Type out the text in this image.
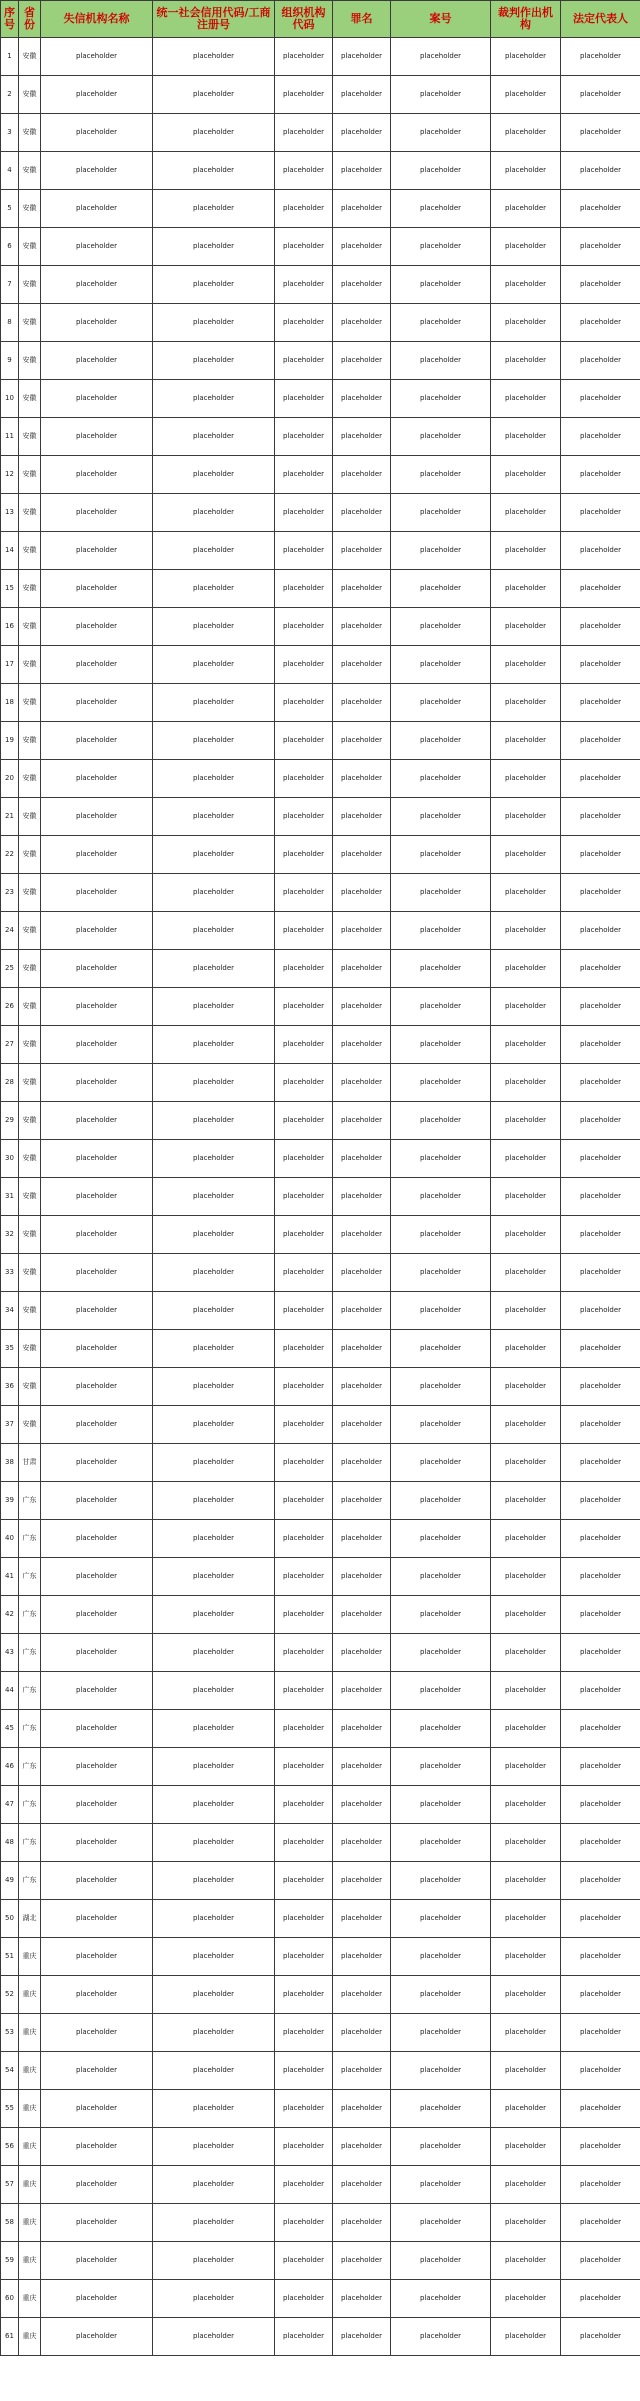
序号	省份	失信机构名称	统一社会信用代码/工商注册号	组织机构代码	罪名	案号	裁判作出机构	法定代表人
1	安徽	placeholder	placeholder	placeholder	placeholder	placeholder	placeholder	placeholder
2	安徽	placeholder	placeholder	placeholder	placeholder	placeholder	placeholder	placeholder
3	安徽	placeholder	placeholder	placeholder	placeholder	placeholder	placeholder	placeholder
4	安徽	placeholder	placeholder	placeholder	placeholder	placeholder	placeholder	placeholder
5	安徽	placeholder	placeholder	placeholder	placeholder	placeholder	placeholder	placeholder
6	安徽	placeholder	placeholder	placeholder	placeholder	placeholder	placeholder	placeholder
7	安徽	placeholder	placeholder	placeholder	placeholder	placeholder	placeholder	placeholder
8	安徽	placeholder	placeholder	placeholder	placeholder	placeholder	placeholder	placeholder
9	安徽	placeholder	placeholder	placeholder	placeholder	placeholder	placeholder	placeholder
10	安徽	placeholder	placeholder	placeholder	placeholder	placeholder	placeholder	placeholder
11	安徽	placeholder	placeholder	placeholder	placeholder	placeholder	placeholder	placeholder
12	安徽	placeholder	placeholder	placeholder	placeholder	placeholder	placeholder	placeholder
13	安徽	placeholder	placeholder	placeholder	placeholder	placeholder	placeholder	placeholder
14	安徽	placeholder	placeholder	placeholder	placeholder	placeholder	placeholder	placeholder
15	安徽	placeholder	placeholder	placeholder	placeholder	placeholder	placeholder	placeholder
16	安徽	placeholder	placeholder	placeholder	placeholder	placeholder	placeholder	placeholder
17	安徽	placeholder	placeholder	placeholder	placeholder	placeholder	placeholder	placeholder
18	安徽	placeholder	placeholder	placeholder	placeholder	placeholder	placeholder	placeholder
19	安徽	placeholder	placeholder	placeholder	placeholder	placeholder	placeholder	placeholder
20	安徽	placeholder	placeholder	placeholder	placeholder	placeholder	placeholder	placeholder
21	安徽	placeholder	placeholder	placeholder	placeholder	placeholder	placeholder	placeholder
22	安徽	placeholder	placeholder	placeholder	placeholder	placeholder	placeholder	placeholder
23	安徽	placeholder	placeholder	placeholder	placeholder	placeholder	placeholder	placeholder
24	安徽	placeholder	placeholder	placeholder	placeholder	placeholder	placeholder	placeholder
25	安徽	placeholder	placeholder	placeholder	placeholder	placeholder	placeholder	placeholder
26	安徽	placeholder	placeholder	placeholder	placeholder	placeholder	placeholder	placeholder
27	安徽	placeholder	placeholder	placeholder	placeholder	placeholder	placeholder	placeholder
28	安徽	placeholder	placeholder	placeholder	placeholder	placeholder	placeholder	placeholder
29	安徽	placeholder	placeholder	placeholder	placeholder	placeholder	placeholder	placeholder
30	安徽	placeholder	placeholder	placeholder	placeholder	placeholder	placeholder	placeholder
31	安徽	placeholder	placeholder	placeholder	placeholder	placeholder	placeholder	placeholder
32	安徽	placeholder	placeholder	placeholder	placeholder	placeholder	placeholder	placeholder
33	安徽	placeholder	placeholder	placeholder	placeholder	placeholder	placeholder	placeholder
34	安徽	placeholder	placeholder	placeholder	placeholder	placeholder	placeholder	placeholder
35	安徽	placeholder	placeholder	placeholder	placeholder	placeholder	placeholder	placeholder
36	安徽	placeholder	placeholder	placeholder	placeholder	placeholder	placeholder	placeholder
37	安徽	placeholder	placeholder	placeholder	placeholder	placeholder	placeholder	placeholder
38	甘肃	placeholder	placeholder	placeholder	placeholder	placeholder	placeholder	placeholder
39	广东	placeholder	placeholder	placeholder	placeholder	placeholder	placeholder	placeholder
40	广东	placeholder	placeholder	placeholder	placeholder	placeholder	placeholder	placeholder
41	广东	placeholder	placeholder	placeholder	placeholder	placeholder	placeholder	placeholder
42	广东	placeholder	placeholder	placeholder	placeholder	placeholder	placeholder	placeholder
43	广东	placeholder	placeholder	placeholder	placeholder	placeholder	placeholder	placeholder
44	广东	placeholder	placeholder	placeholder	placeholder	placeholder	placeholder	placeholder
45	广东	placeholder	placeholder	placeholder	placeholder	placeholder	placeholder	placeholder
46	广东	placeholder	placeholder	placeholder	placeholder	placeholder	placeholder	placeholder
47	广东	placeholder	placeholder	placeholder	placeholder	placeholder	placeholder	placeholder
48	广东	placeholder	placeholder	placeholder	placeholder	placeholder	placeholder	placeholder
49	广东	placeholder	placeholder	placeholder	placeholder	placeholder	placeholder	placeholder
50	湖北	placeholder	placeholder	placeholder	placeholder	placeholder	placeholder	placeholder
51	重庆	placeholder	placeholder	placeholder	placeholder	placeholder	placeholder	placeholder
52	重庆	placeholder	placeholder	placeholder	placeholder	placeholder	placeholder	placeholder
53	重庆	placeholder	placeholder	placeholder	placeholder	placeholder	placeholder	placeholder
54	重庆	placeholder	placeholder	placeholder	placeholder	placeholder	placeholder	placeholder
55	重庆	placeholder	placeholder	placeholder	placeholder	placeholder	placeholder	placeholder
56	重庆	placeholder	placeholder	placeholder	placeholder	placeholder	placeholder	placeholder
57	重庆	placeholder	placeholder	placeholder	placeholder	placeholder	placeholder	placeholder
58	重庆	placeholder	placeholder	placeholder	placeholder	placeholder	placeholder	placeholder
59	重庆	placeholder	placeholder	placeholder	placeholder	placeholder	placeholder	placeholder
60	重庆	placeholder	placeholder	placeholder	placeholder	placeholder	placeholder	placeholder
61	重庆	placeholder	placeholder	placeholder	placeholder	placeholder	placeholder	placeholder
